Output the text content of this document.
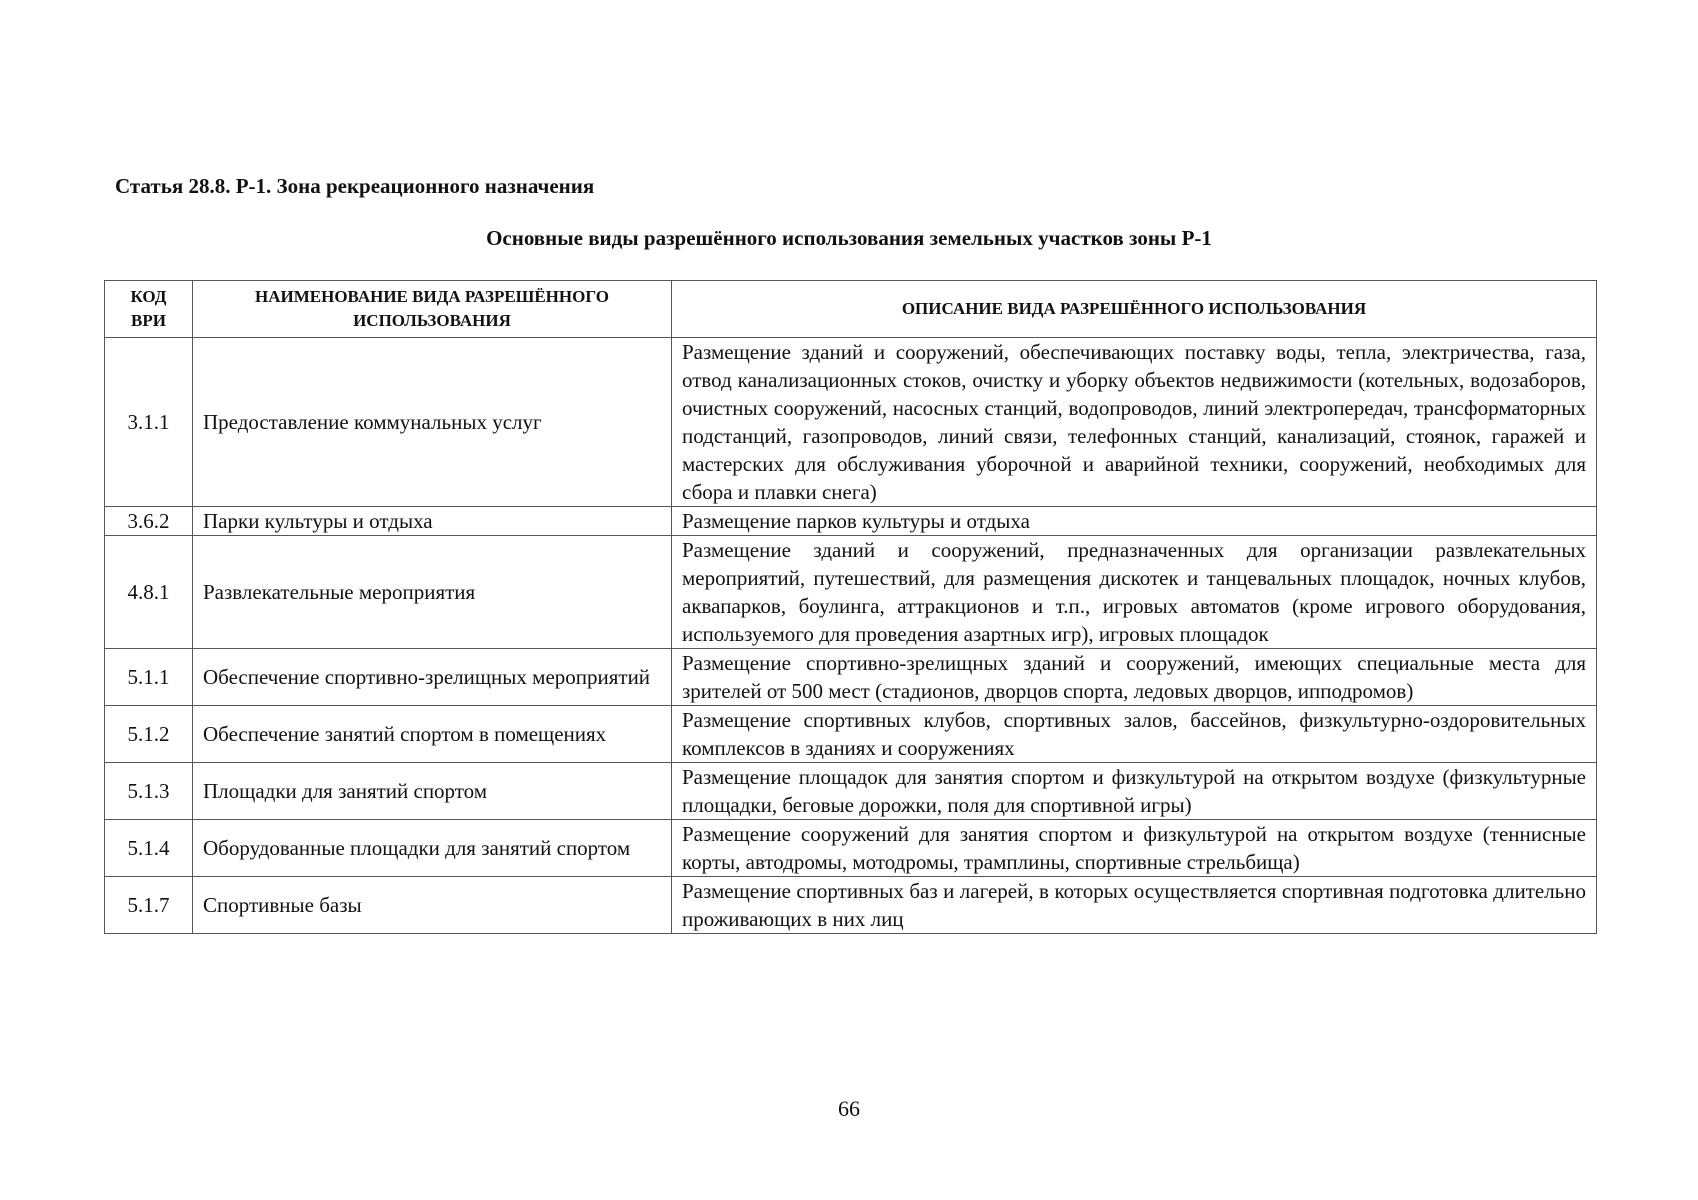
Статья 28.8. Р-1. Зона рекреационного назначения
Основные виды разрешённого использования земельных участков зоны Р-1
КОД ВРИ	НАИМЕНОВАНИЕ ВИДА РАЗРЕШЁННОГО ИСПОЛЬЗОВАНИЯ	ОПИСАНИЕ ВИДА РАЗРЕШЁННОГО ИСПОЛЬЗОВАНИЯ
3.1.1	Предоставление коммунальных услуг	Размещение зданий и сооружений, обеспечивающих поставку воды, тепла, электричества, газа, отвод канализационных стоков, очистку и уборку объектов недвижимости (котельных, водозаборов, очистных сооружений, насосных станций, водопроводов, линий электропередач, трансформаторных подстанций, газопроводов, линий связи, телефонных станций, канализаций, стоянок, гаражей и мастерских для обслуживания уборочной и аварийной техники, сооружений, необходимых для сбора и плавки снега)
3.6.2	Парки культуры и отдыха	Размещение парков культуры и отдыха
4.8.1	Развлекательные мероприятия	Размещение зданий и сооружений, предназначенных для организации развлекательных мероприятий, путешествий, для размещения дискотек и танцевальных площадок, ночных клубов, аквапарков, боулинга, аттракционов и т.п., игровых автоматов (кроме игрового оборудования, используемого для проведения азартных игр), игровых площадок
5.1.1	Обеспечение спортивно-зрелищных мероприятий	Размещение спортивно-зрелищных зданий и сооружений, имеющих специальные места для зрителей от 500 мест (стадионов, дворцов спорта, ледовых дворцов, ипподромов)
5.1.2	Обеспечение занятий спортом в помещениях	Размещение спортивных клубов, спортивных залов, бассейнов, физкультурно-оздоровительных комплексов в зданиях и сооружениях
5.1.3	Площадки для занятий спортом	Размещение площадок для занятия спортом и физкультурой на открытом воздухе (физкультурные площадки, беговые дорожки, поля для спортивной игры)
5.1.4	Оборудованные площадки для занятий спортом	Размещение сооружений для занятия спортом и физкультурой на открытом воздухе (теннисные корты, автодромы, мотодромы, трамплины, спортивные стрельбища)
5.1.7	Спортивные базы	Размещение спортивных баз и лагерей, в которых осуществляется спортивная подготовка длительно проживающих в них лиц
66
